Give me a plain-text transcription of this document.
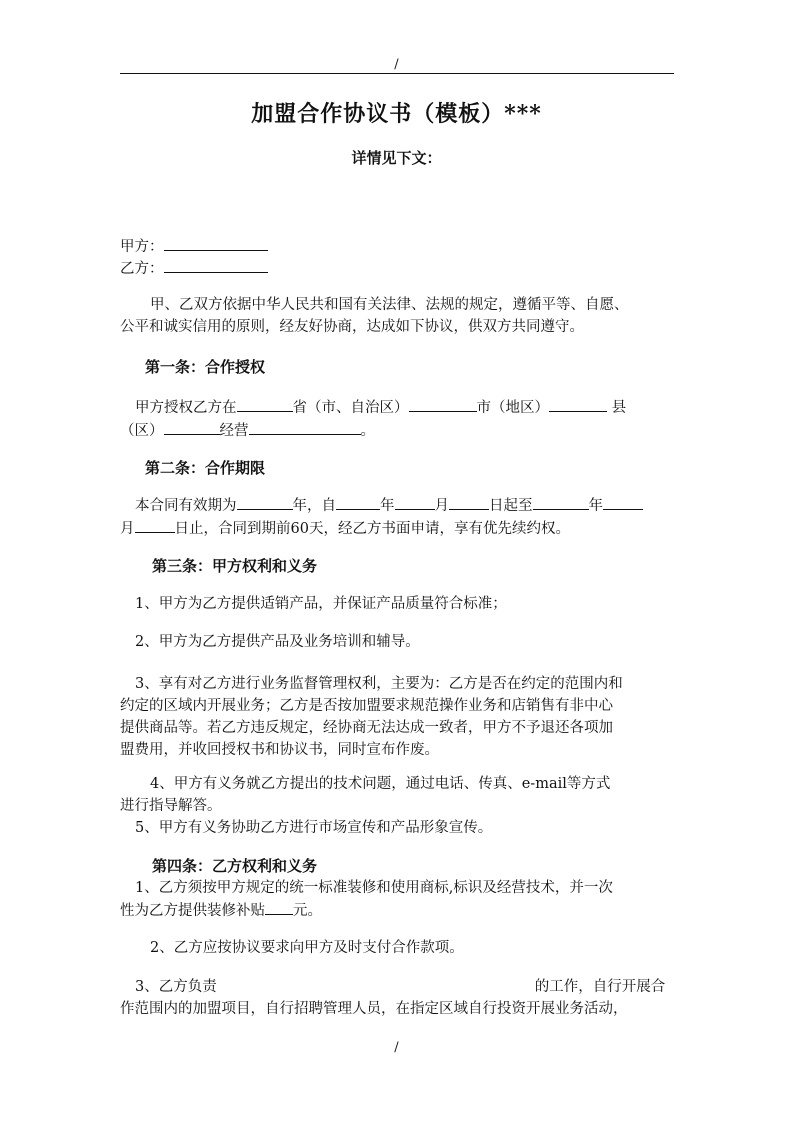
/
加盟合作协议书（模板）***
详情见下文：
甲方：
乙方：
甲、乙双方依据中华人民共和国有关法律、法规的规定，遵循平等、自愿、
公平和诚实信用的原则，经友好协商，达成如下协议，供双方共同遵守。
第一条：合作授权
甲方授权乙方在	省（市、自治区）	市（地区）	县
（区）	经营	。
第二条：合作期限
本合同有效期为	年，自	年	月	日起至	年
月	日止，合同到期前60天，经乙方书面申请，享有优先续约权。
第三条：甲方权利和义务
1、甲方为乙方提供适销产品，并保证产品质量符合标准；
2、甲方为乙方提供产品及业务培训和辅导。
3、享有对乙方进行业务监督管理权利，主要为：乙方是否在约定的范围内和
约定的区域内开展业务；乙方是否按加盟要求规范操作业务和店销售有非中心
提供商品等。若乙方违反规定，经协商无法达成一致者，甲方不予退还各项加
盟费用，并收回授权书和协议书，同时宣布作废。
4、甲方有义务就乙方提出的技术问题，通过电话、传真、e-mail等方式
进行指导解答。
5、甲方有义务协助乙方进行市场宣传和产品形象宣传。
第四条：乙方权利和义务
1、乙方须按甲方规定的统一标准装修和使用商标,标识及经营技术，并一次
性为乙方提供装修补贴 元。
2、乙方应按协议要求向甲方及时支付合作款项。
3、乙方负责	的工作，自行开展合
作范围内的加盟项目，自行招聘管理人员，在指定区域自行投资开展业务活动，
/
